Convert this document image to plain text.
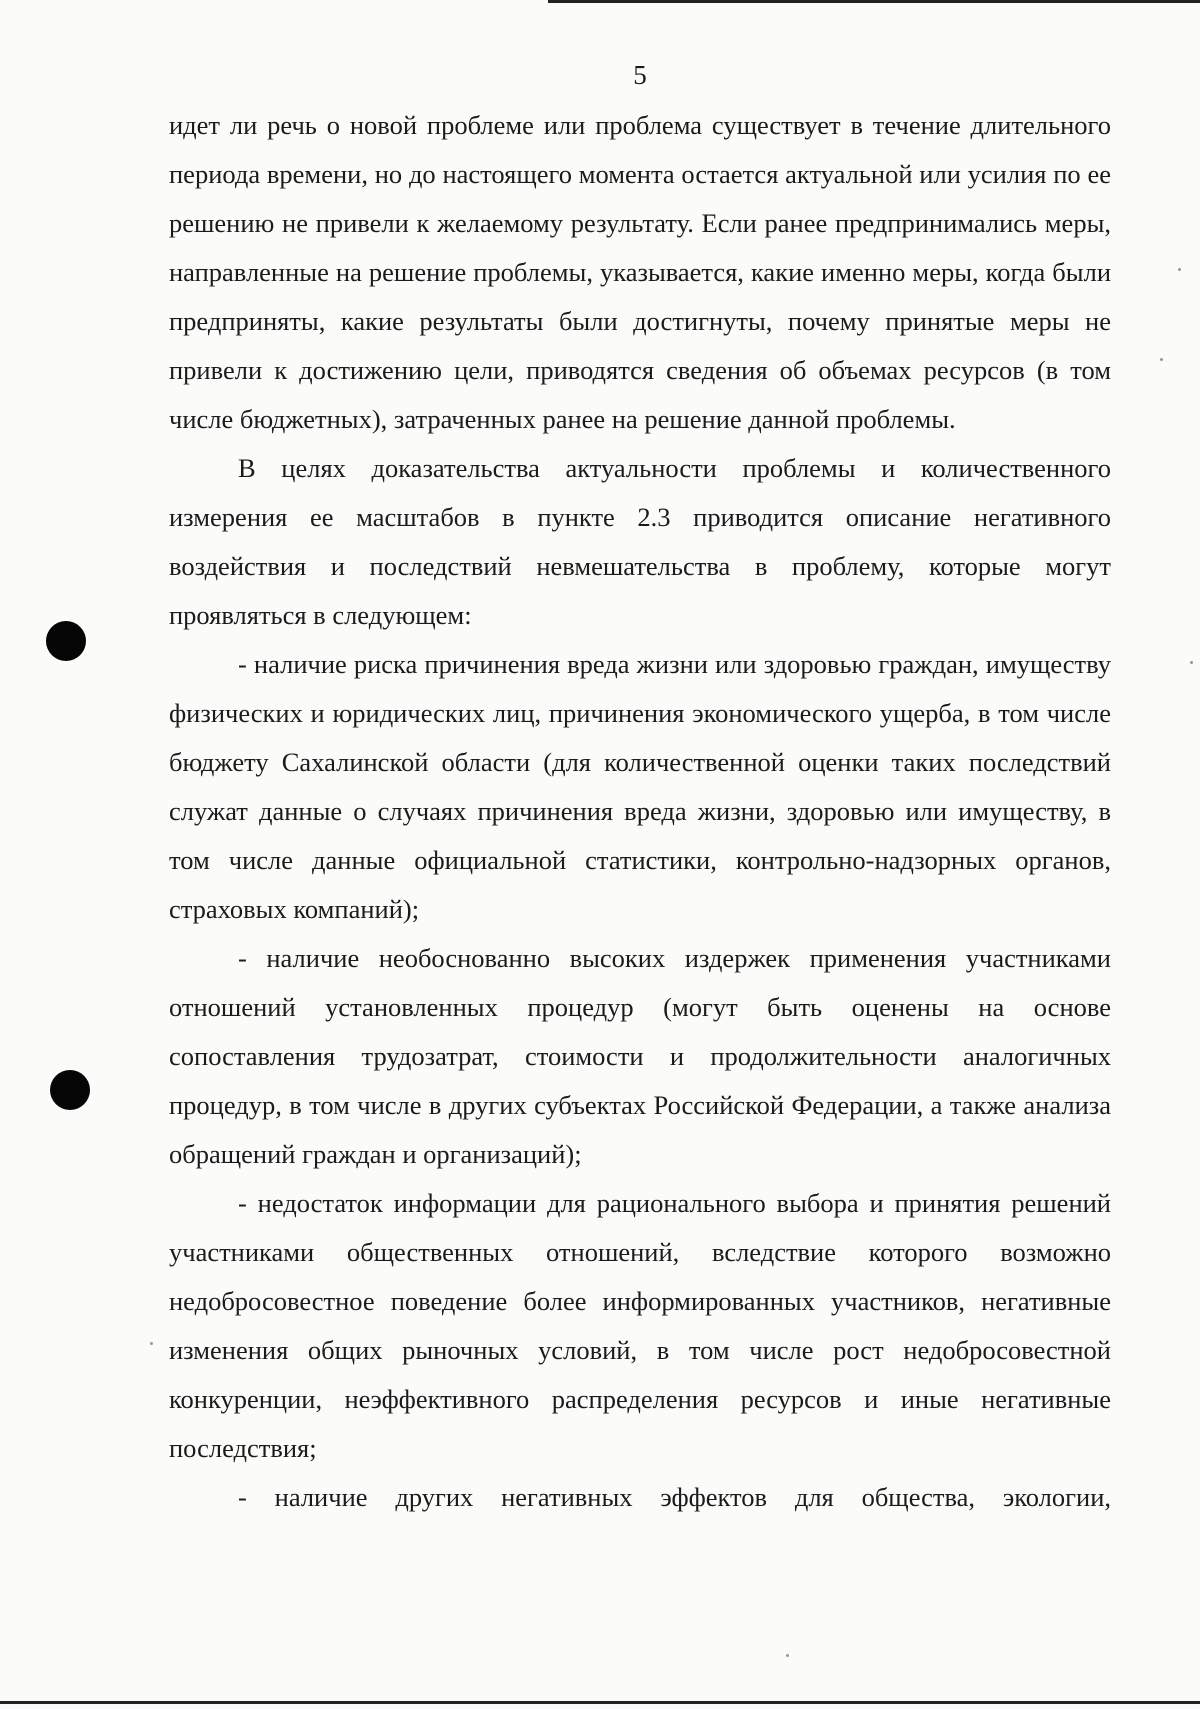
5

идет ли речь о новой проблеме или проблема существует в течение длительного периода времени, но до настоящего момента остается актуальной или усилия по ее решению не привели к желаемому результату. Если ранее предпринимались меры, направленные на решение проблемы, указывается, какие именно меры, когда были предприняты, какие результаты были достигнуты, почему принятые меры не привели к достижению цели, приводятся сведения об объемах ресурсов (в том числе бюджетных), затраченных ранее на решение данной проблемы.

В целях доказательства актуальности проблемы и количественного измерения ее масштабов в пункте 2.3 приводится описание негативного воздействия и последствий невмешательства в проблему, которые могут проявляться в следующем:

- наличие риска причинения вреда жизни или здоровью граждан, имуществу физических и юридических лиц, причинения экономического ущерба, в том числе бюджету Сахалинской области (для количественной оценки таких последствий служат данные о случаях причинения вреда жизни, здоровью или имуществу, в том числе данные официальной статистики, контрольно-надзорных органов, страховых компаний);

- наличие необоснованно высоких издержек применения участниками отношений установленных процедур (могут быть оценены на основе сопоставления трудозатрат, стоимости и продолжительности аналогичных процедур, в том числе в других субъектах Российской Федерации, а также анализа обращений граждан и организаций);

- недостаток информации для рационального выбора и принятия решений участниками общественных отношений, вследствие которого возможно недобросовестное поведение более информированных участников, негативные изменения общих рыночных условий, в том числе рост недобросовестной конкуренции, неэффективного распределения ресурсов и иные негативные последствия;

- наличие других негативных эффектов для общества, экологии,
